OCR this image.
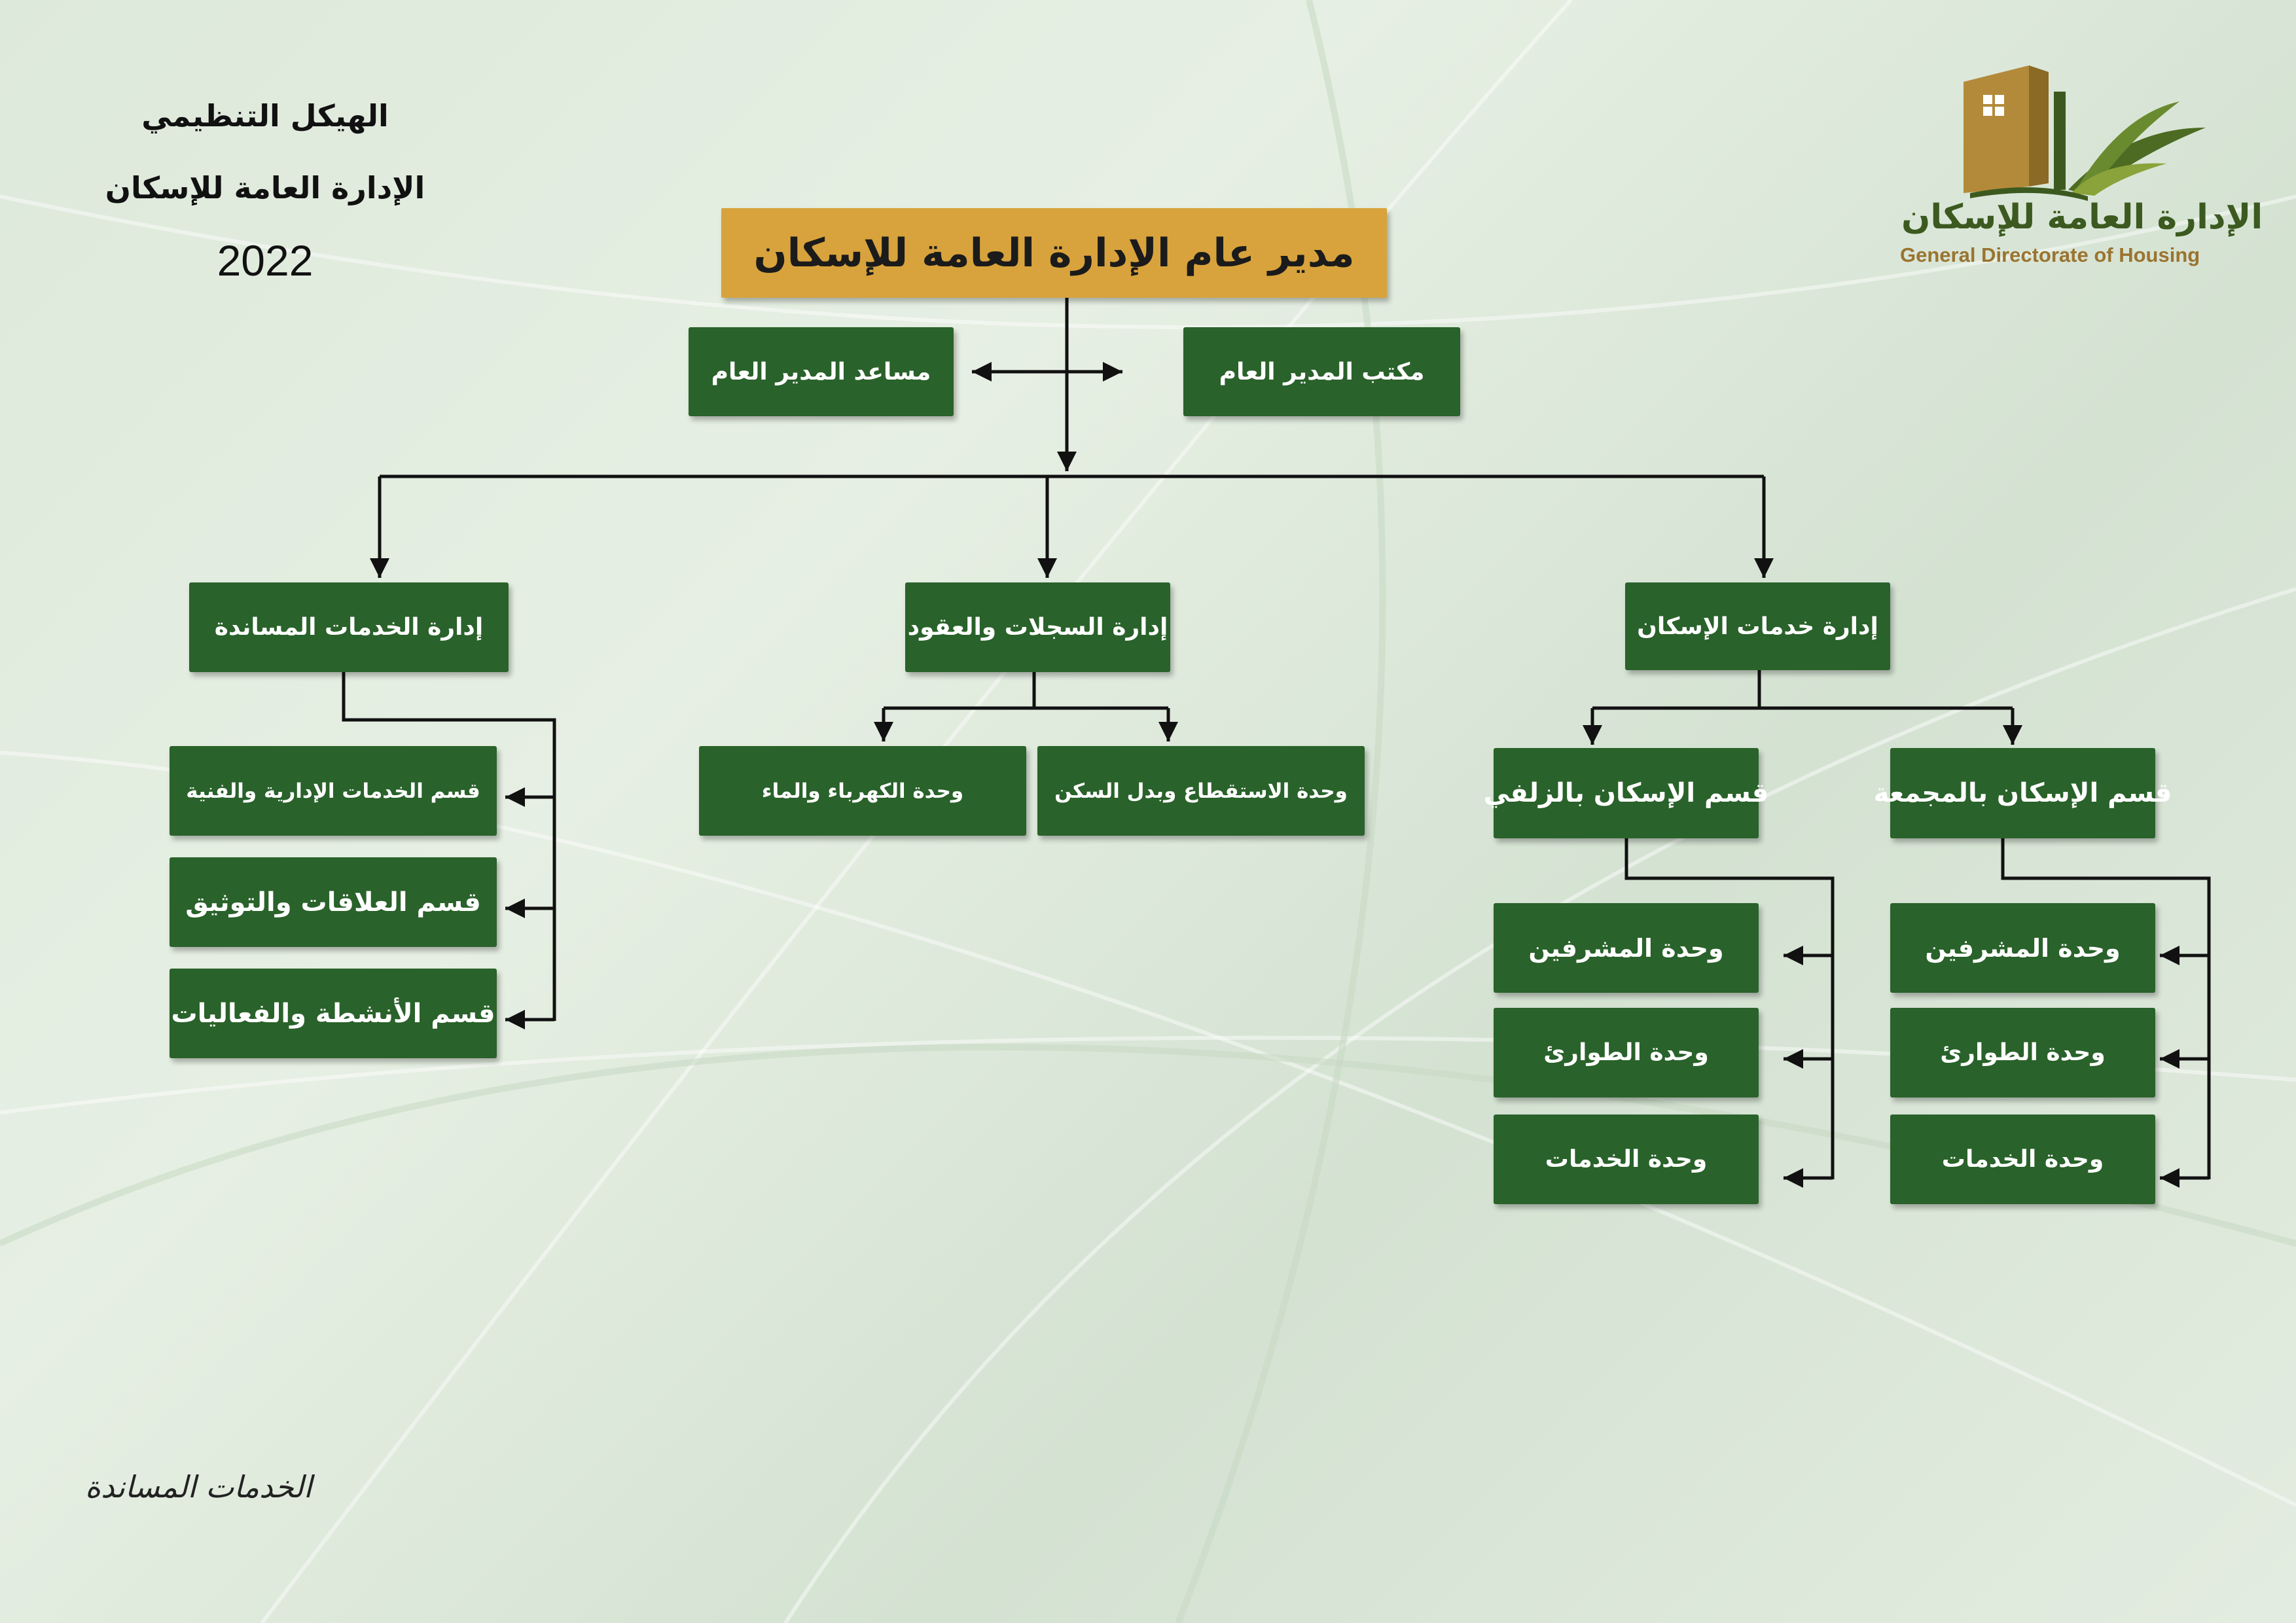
الهيكل التنظيمي
الإدارة العامة للإسكان
2022
الإدارة العامة للإسكان
General Directorate of Housing
مدير عام الإدارة العامة للإسكان
مكتب المدير العام
مساعد المدير العام
إدارة خدمات الإسكان
إدارة السجلات والعقود
إدارة الخدمات المساندة
قسم الإسكان بالمجمعة
قسم الإسكان بالزلفي
وحدة المشرفين
وحدة الطوارئ
وحدة الخدمات
وحدة المشرفين
وحدة الطوارئ
وحدة الخدمات
وحدة الاستقطاع وبدل السكن
وحدة الكهرباء والماء
قسم الخدمات الإدارية والفنية
قسم العلاقات والتوثيق
قسم الأنشطة والفعاليات
الخدمات المساندة
